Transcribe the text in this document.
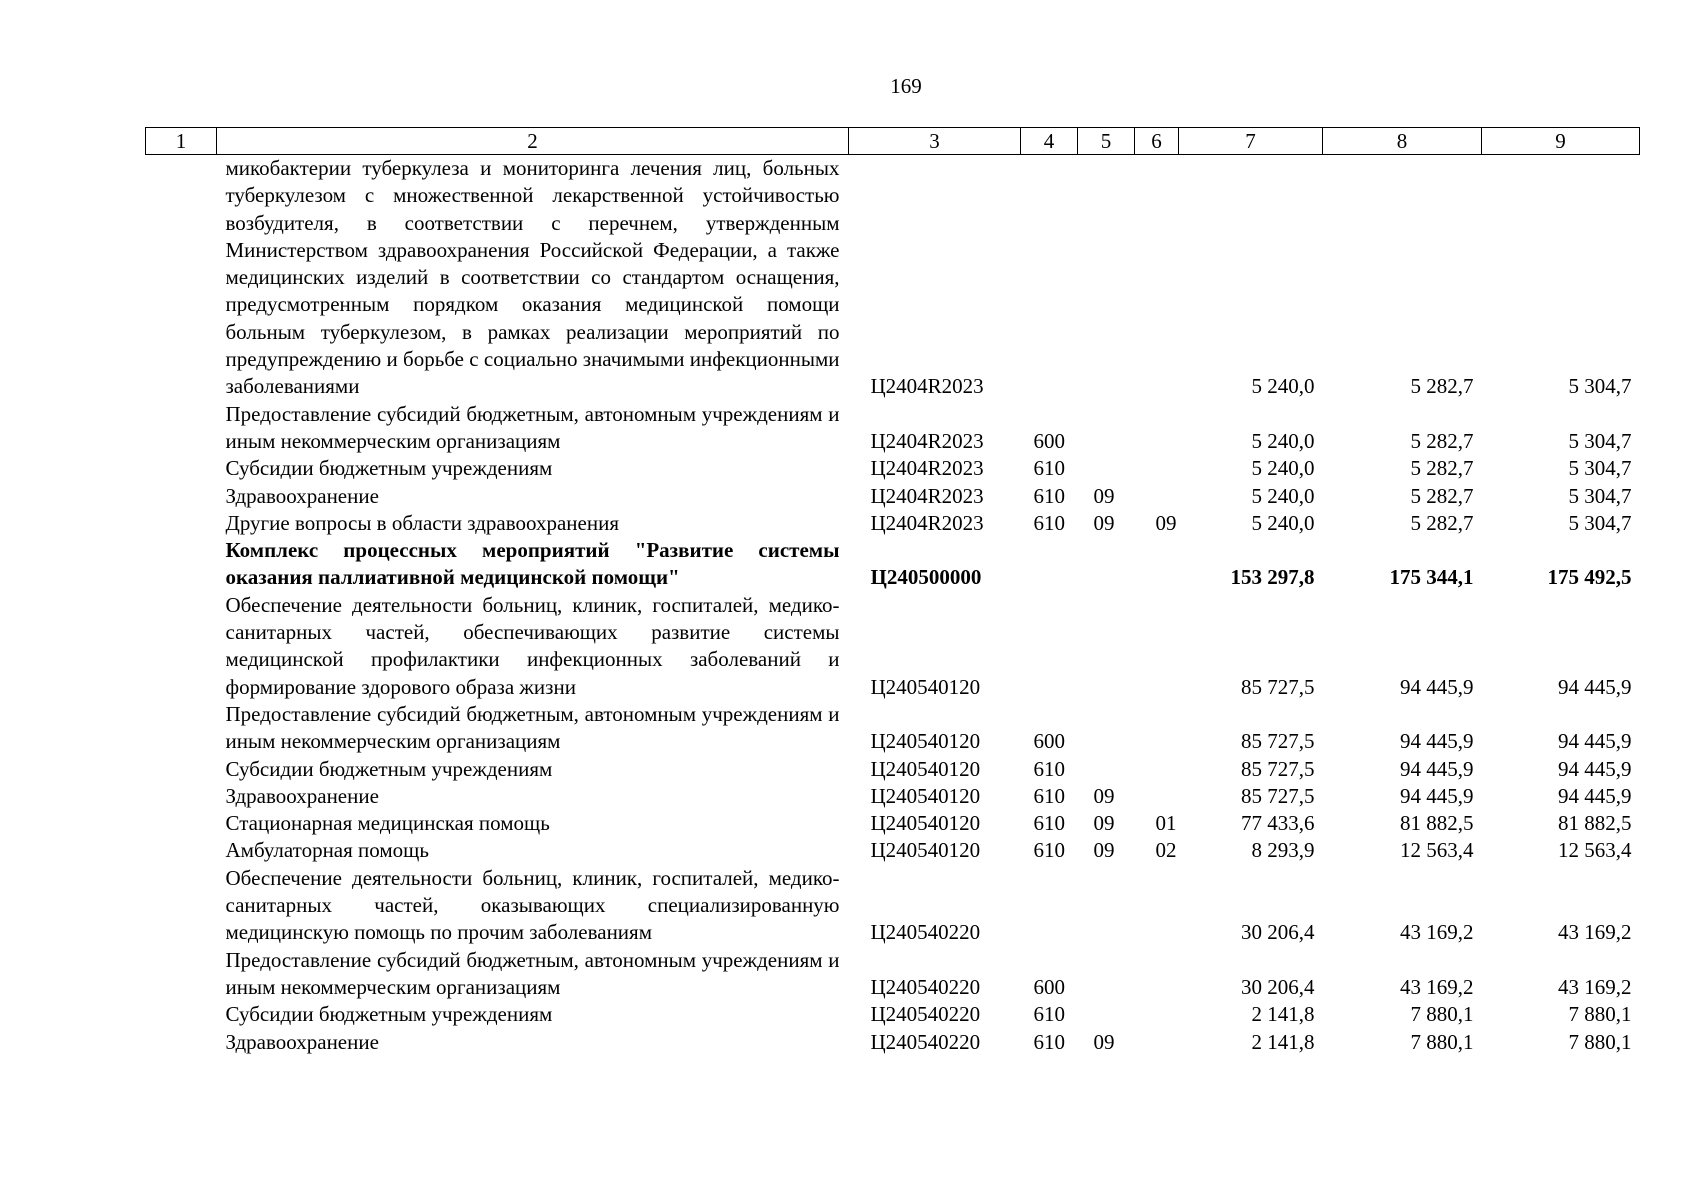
169
1	2	3	4	5	6	7	8	9
	микобактерии туберкулеза и мониторинга лечения лиц, больных туберкулезом с множественной лекарственной устойчивостью возбудителя, в соответствии с перечнем, утвержденным Министерством здравоохранения Российской Федерации, а также медицинских изделий в соответствии со стандартом оснащения, предусмотренным порядком оказания медицинской помощи больным туберкулезом, в рамках реализации мероприятий по предупреждению и борьбе с социально значимыми инфекционными заболеваниями	Ц2404R2023				5 240,0	5 282,7	5 304,7
	Предоставление субсидий бюджетным, автономным учреждениям и иным некоммерческим организациям	Ц2404R2023	600			5 240,0	5 282,7	5 304,7
	Субсидии бюджетным учреждениям	Ц2404R2023	610			5 240,0	5 282,7	5 304,7
	Здравоохранение	Ц2404R2023	610	09		5 240,0	5 282,7	5 304,7
	Другие вопросы в области здравоохранения	Ц2404R2023	610	09	09	5 240,0	5 282,7	5 304,7
	Комплекс процессных мероприятий "Развитие системы оказания паллиативной медицинской помощи"	Ц240500000				153 297,8	175 344,1	175 492,5
	Обеспечение деятельности больниц, клиник, госпиталей, медико-санитарных частей, обеспечивающих развитие системы медицинской профилактики инфекционных заболеваний и формирование здорового образа жизни	Ц240540120				85 727,5	94 445,9	94 445,9
	Предоставление субсидий бюджетным, автономным учреждениям и иным некоммерческим организациям	Ц240540120	600			85 727,5	94 445,9	94 445,9
	Субсидии бюджетным учреждениям	Ц240540120	610			85 727,5	94 445,9	94 445,9
	Здравоохранение	Ц240540120	610	09		85 727,5	94 445,9	94 445,9
	Стационарная медицинская помощь	Ц240540120	610	09	01	77 433,6	81 882,5	81 882,5
	Амбулаторная помощь	Ц240540120	610	09	02	8 293,9	12 563,4	12 563,4
	Обеспечение деятельности больниц, клиник, госпиталей, медико-санитарных частей, оказывающих специализированную медицинскую помощь по прочим заболеваниям	Ц240540220				30 206,4	43 169,2	43 169,2
	Предоставление субсидий бюджетным, автономным учреждениям и иным некоммерческим организациям	Ц240540220	600			30 206,4	43 169,2	43 169,2
	Субсидии бюджетным учреждениям	Ц240540220	610			2 141,8	7 880,1	7 880,1
	Здравоохранение	Ц240540220	610	09		2 141,8	7 880,1	7 880,1
